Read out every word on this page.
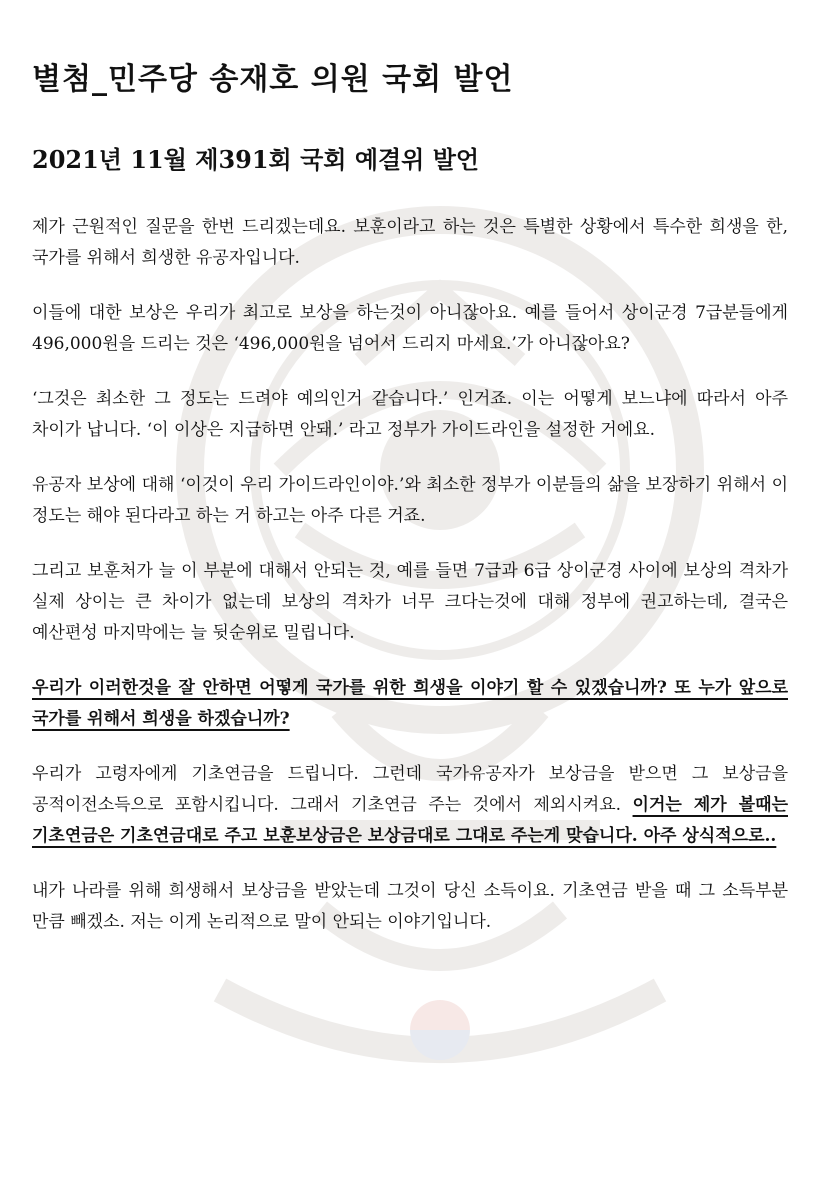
별첨_민주당 송재호 의원 국회 발언
2021년 11월 제391회 국회 예결위 발언

제가 근원적인 질문을 한번 드리겠는데요. 보훈이라고 하는 것은 특별한 상황에서 특수한 희생을 한, 국가를 위해서 희생한 유공자입니다.

이들에 대한 보상은 우리가 최고로 보상을 하는것이 아니잖아요. 예를 들어서 상이군경 7급분들에게 496,000원을 드리는 것은 ‘496,000원을 넘어서 드리지 마세요.’가 아니잖아요?

‘그것은 최소한 그 정도는 드려야 예의인거 같습니다.’ 인거죠. 이는 어떻게 보느냐에 따라서 아주 차이가 납니다. ‘이 이상은 지급하면 안돼.’ 라고 정부가 가이드라인을 설정한 거에요.

유공자 보상에 대해 ‘이것이 우리 가이드라인이야.’와 최소한 정부가 이분들의 삶을 보장하기 위해서 이 정도는 해야 된다라고 하는 거 하고는 아주 다른 거죠.

그리고 보훈처가 늘 이 부분에 대해서 안되는 것, 예를 들면 7급과 6급 상이군경 사이에 보상의 격차가 실제 상이는 큰 차이가 없는데 보상의 격차가 너무 크다는것에 대해 정부에 권고하는데, 결국은 예산편성 마지막에는 늘 뒷순위로 밀립니다.

우리가 이러한것을 잘 안하면 어떻게 국가를 위한 희생을 이야기 할 수 있겠습니까? 또 누가 앞으로 국가를 위해서 희생을 하겠습니까?

우리가 고령자에게 기초연금을 드립니다. 그런데 국가유공자가 보상금을 받으면 그 보상금을 공적이전소득으로 포함시킵니다. 그래서 기초연금 주는 것에서 제외시켜요. 이거는 제가 볼때는 기초연금은 기초연금대로 주고 보훈보상금은 보상금대로 그대로 주는게 맞습니다. 아주 상식적으로..

내가 나라를 위해 희생해서 보상금을 받았는데 그것이 당신 소득이요. 기초연금 받을 때 그 소득부분 만큼 빼겠소. 저는 이게 논리적으로 말이 안되는 이야기입니다.
